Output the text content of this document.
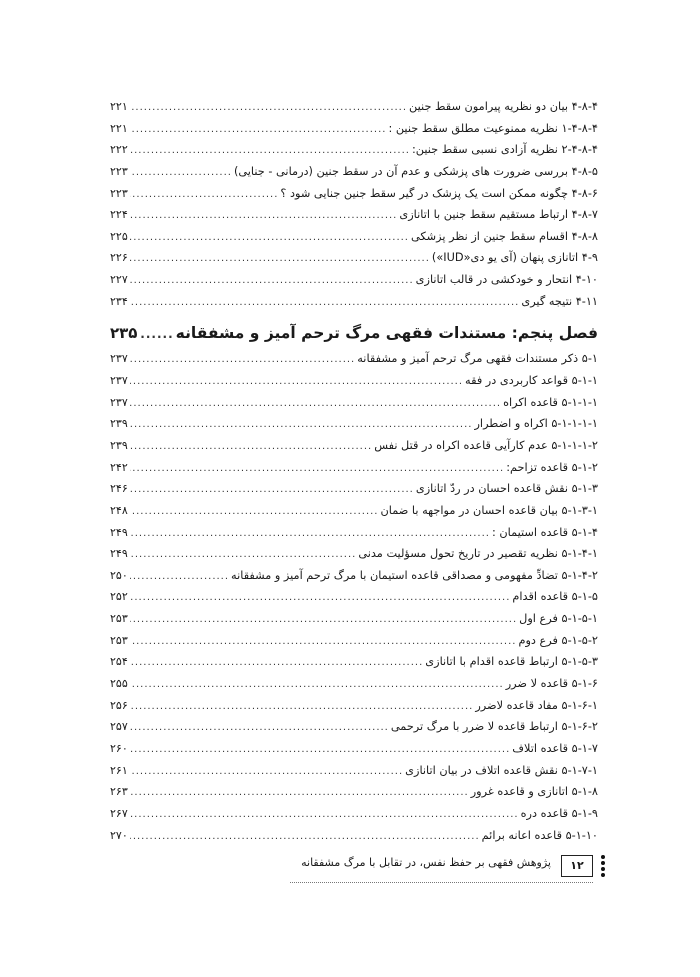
۴-۸-۴ بیان دو نظریه پیرامون سقط جنین
.....
۲۲۱
۱-۴-۸-۴ نظریه ممنوعیت مطلق سقط جنین :
.....
۲۲۱
۲-۴-۸-۴ نظریه آزادی نسبی سقط جنین:
.....
۲۲۲
۴-۸-۵ بررسی ضرورت های پزشکی و عدم آن در سقط جنین (درمانی - جنایی)
.....
۲۲۳
۴-۸-۶ چگونه ممکن است یک پزشک در گیر سقط جنین جنایی شود ؟
.....
۲۲۳
۴-۸-۷ ارتباط مستقیم سقط جنین با اتانازی
.....
۲۲۴
۴-۸-۸ اقسام سقط جنین از نظر پزشکی
.....
۲۲۵
۴-۹ اتانازی پنهان (آی یو دی«IUD»)
.....
۲۲۶
۴-۱۰ انتحار و خودکشی در قالب اتانازی
.....
۲۲۷
۴-۱۱ نتیجه گیری
.....
۲۳۴
فصل پنجم: مستندات فقهی مرگ ترحم آمیز و مشفقانه
.....
۲۳۵
۵-۱ ذکر مستندات فقهی مرگ ترحم آمیز و مشفقانه
.....
۲۳۷
۵-۱-۱ قواعد کاربردی در فقه
.....
۲۳۷
۵-۱-۱-۱ قاعده اکراه
.....
۲۳۷
۵-۱-۱-۱-۱ اکراه و اضطرار
.....
۲۳۹
۵-۱-۱-۱-۲ عدم کارآیی قاعده اکراه در قتل نفس
.....
۲۳۹
۵-۱-۲ قاعده تزاحم:
.....
۲۴۲
۵-۱-۳ نقش قاعده احسان در ردّ اتانازی
.....
۲۴۶
۵-۱-۳-۱ بیان قاعده احسان در مواجهه با ضمان
.....
۲۴۸
۵-۱-۴ قاعده استیمان :
.....
۲۴۹
۵-۱-۴-۱ نظریه تقصیر در تاریخ تحول مسؤلیت مدنی
.....
۲۴۹
۵-۱-۴-۲ تضادِّ مفهومی و مصداقی قاعده استیمان با مرگ ترحم آمیز و مشفقانه
.....
۲۵۰
۵-۱-۵ قاعده اقدام
.....
۲۵۲
۵-۱-۵-۱ فرع اول
.....
۲۵۳
۵-۱-۵-۲ فرع دوم
.....
۲۵۳
۵-۱-۵-۳ ارتباط قاعده اقدام با اتانازی
.....
۲۵۴
۵-۱-۶ قاعده لا ضرر
.....
۲۵۵
۵-۱-۶-۱ مفاد قاعده لاضرر
.....
۲۵۶
۵-۱-۶-۲ ارتباط قاعده لا ضرر با مرگ ترحمی
.....
۲۵۷
۵-۱-۷ قاعده اتلاف
.....
۲۶۰
۵-۱-۷-۱ نقش قاعده اتلاف در بیان اتانازی
.....
۲۶۱
۵-۱-۸ اتانازی و قاعده غرور
.....
۲۶۳
۵-۱-۹ قاعده دره
.....
۲۶۷
۵-۱-۱۰ قاعده اعانه برائم
.....
۲۷۰
۱۲
پژوهش فقهی بر حفظ نفس، در تقابل با مرگ مشفقانه
